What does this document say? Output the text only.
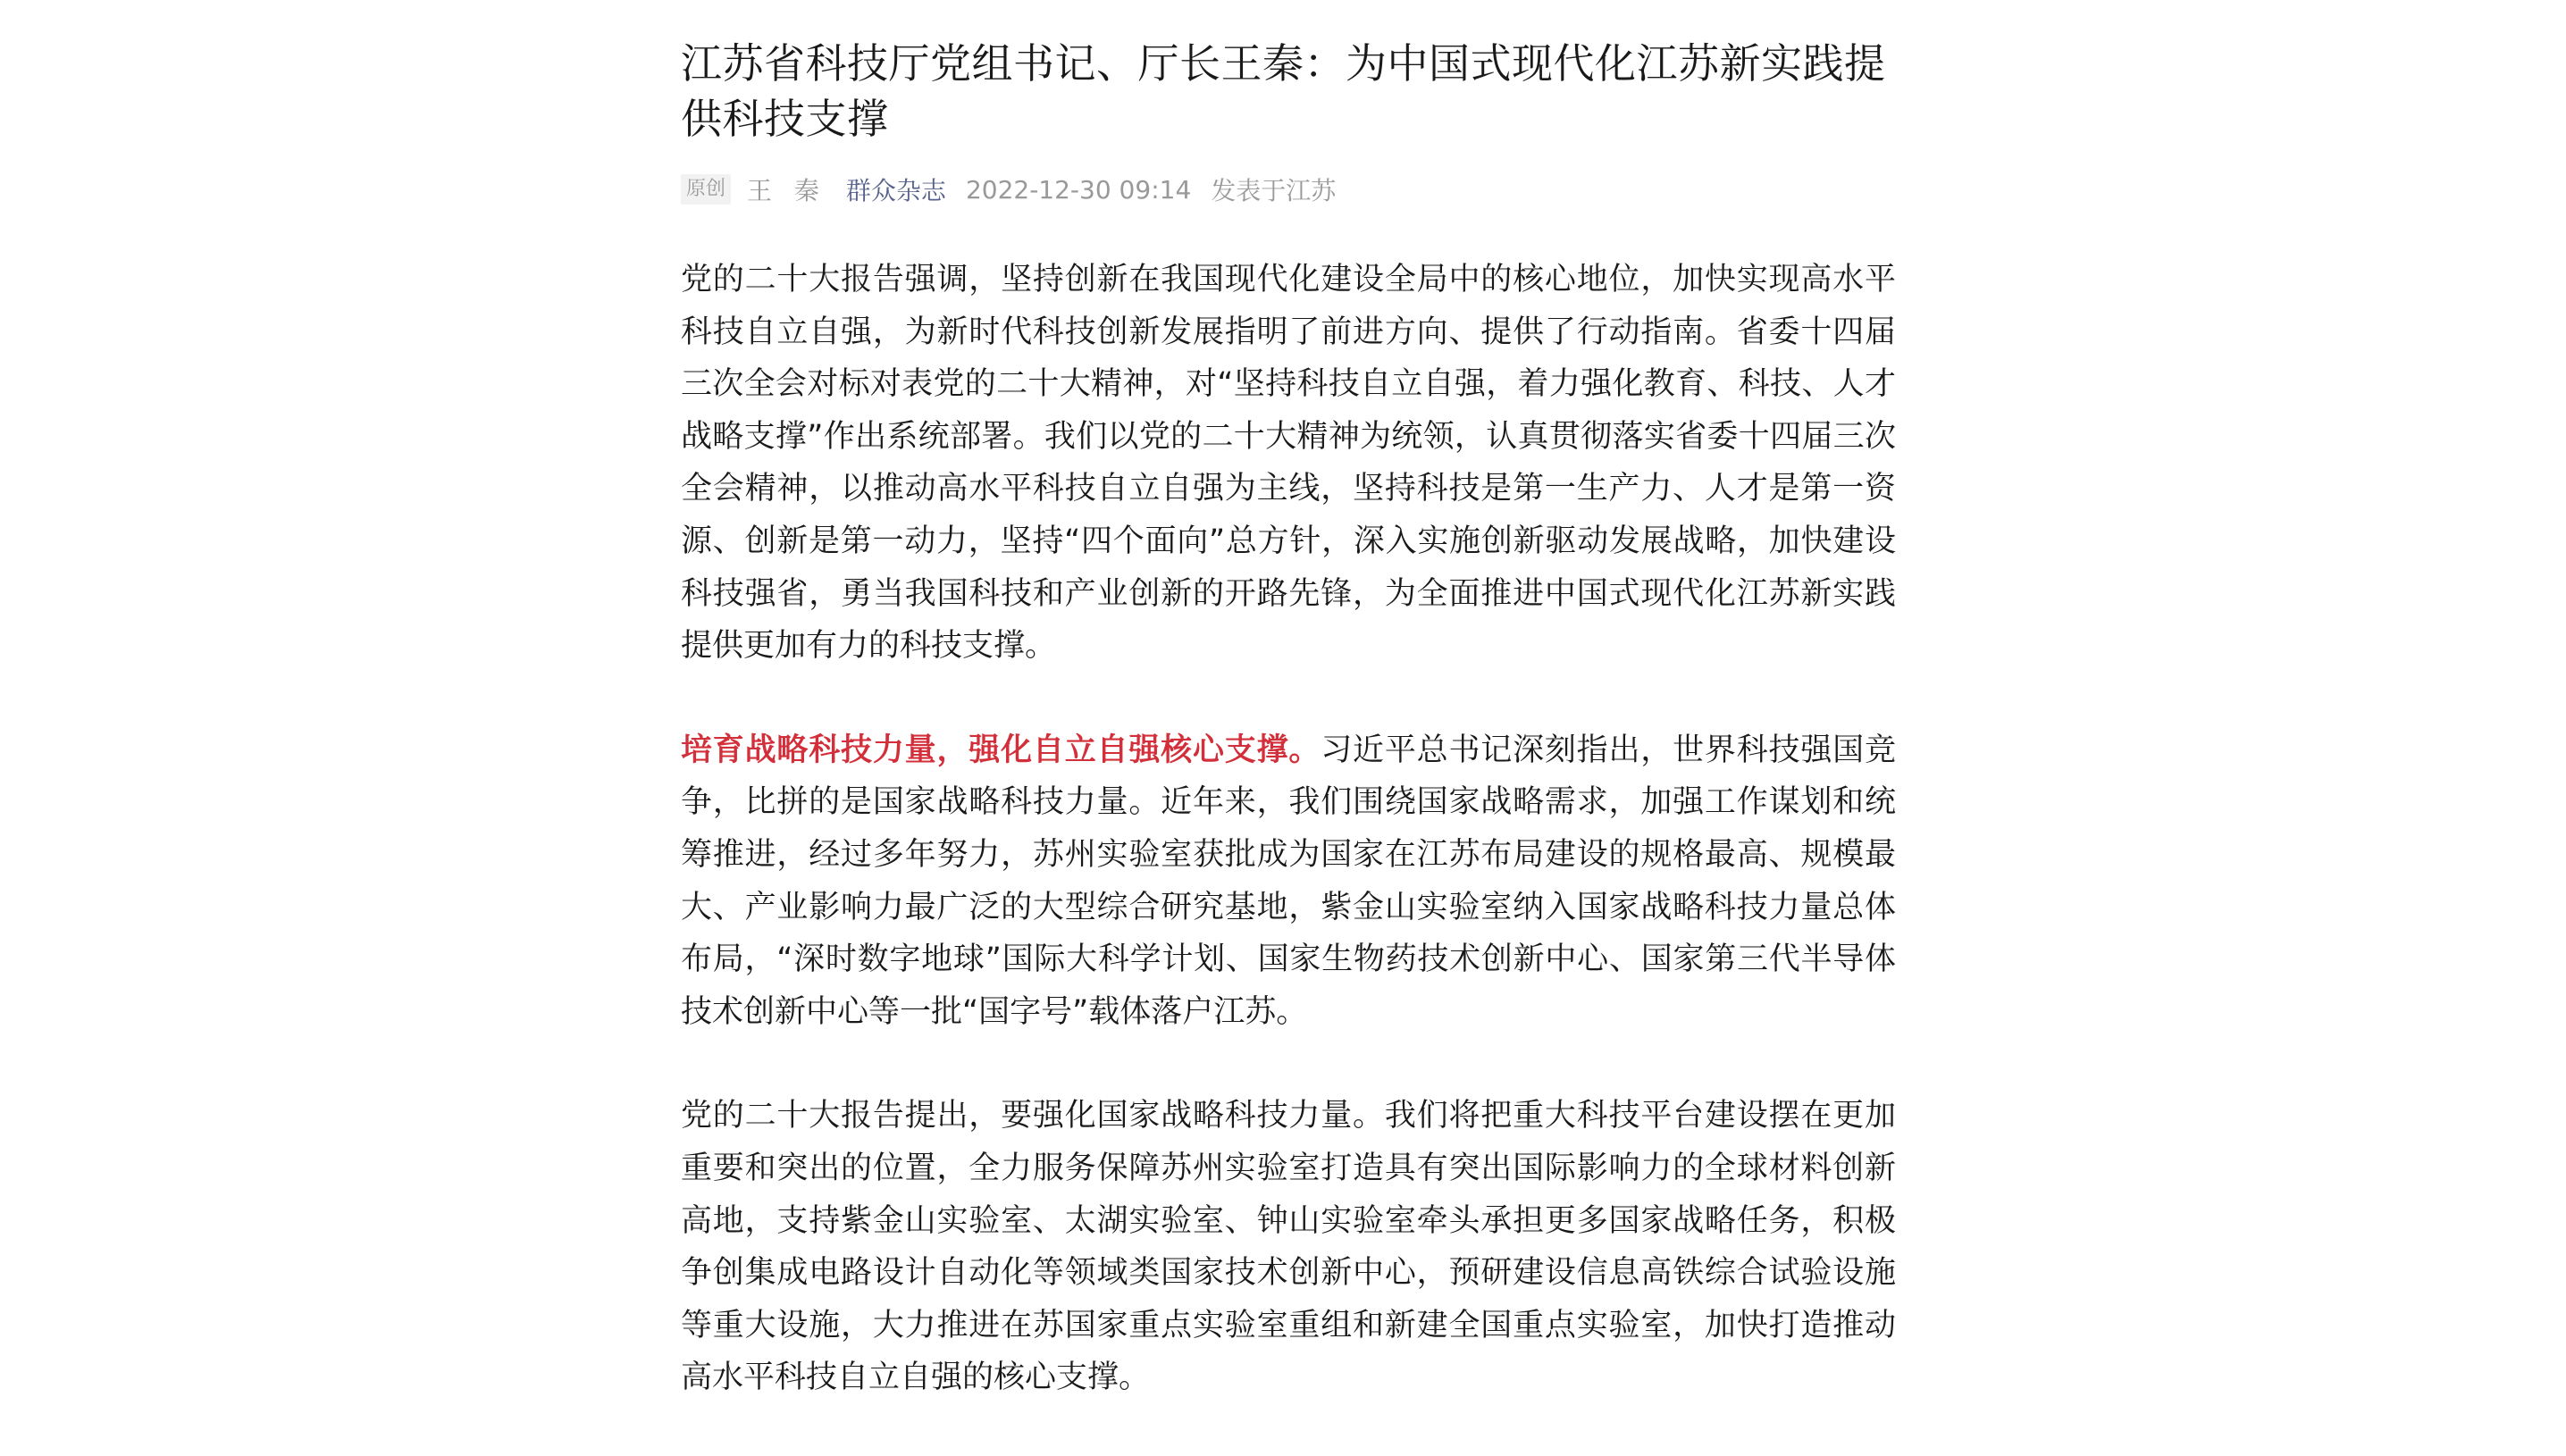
江苏省科技厅党组书记、厅长王秦：为中国式现代化江苏新实践提供科技支撑
原创 王 秦 群众杂志 2022-12-30 09:14 发表于江苏

党的二十大报告强调，坚持创新在我国现代化建设全局中的核心地位，加快实现高水平科技自立自强，为新时代科技创新发展指明了前进方向、提供了行动指南。省委十四届三次全会对标对表党的二十大精神，对“坚持科技自立自强，着力强化教育、科技、人才战略支撑”作出系统部署。我们以党的二十大精神为统领，认真贯彻落实省委十四届三次全会精神，以推动高水平科技自立自强为主线，坚持科技是第一生产力、人才是第一资源、创新是第一动力，坚持“四个面向”总方针，深入实施创新驱动发展战略，加快建设科技强省，勇当我国科技和产业创新的开路先锋，为全面推进中国式现代化江苏新实践提供更加有力的科技支撑。

培育战略科技力量，强化自立自强核心支撑。习近平总书记深刻指出，世界科技强国竞争，比拼的是国家战略科技力量。近年来，我们围绕国家战略需求，加强工作谋划和统筹推进，经过多年努力，苏州实验室获批成为国家在江苏布局建设的规格最高、规模最大、产业影响力最广泛的大型综合研究基地，紫金山实验室纳入国家战略科技力量总体布局，“深时数字地球”国际大科学计划、国家生物药技术创新中心、国家第三代半导体技术创新中心等一批“国字号”载体落户江苏。

党的二十大报告提出，要强化国家战略科技力量。我们将把重大科技平台建设摆在更加重要和突出的位置，全力服务保障苏州实验室打造具有突出国际影响力的全球材料创新高地，支持紫金山实验室、太湖实验室、钟山实验室牵头承担更多国家战略任务，积极争创集成电路设计自动化等领域类国家技术创新中心，预研建设信息高铁综合试验设施等重大设施，大力推进在苏国家重点实验室重组和新建全国重点实验室，加快打造推动高水平科技自立自强的核心支撑。
